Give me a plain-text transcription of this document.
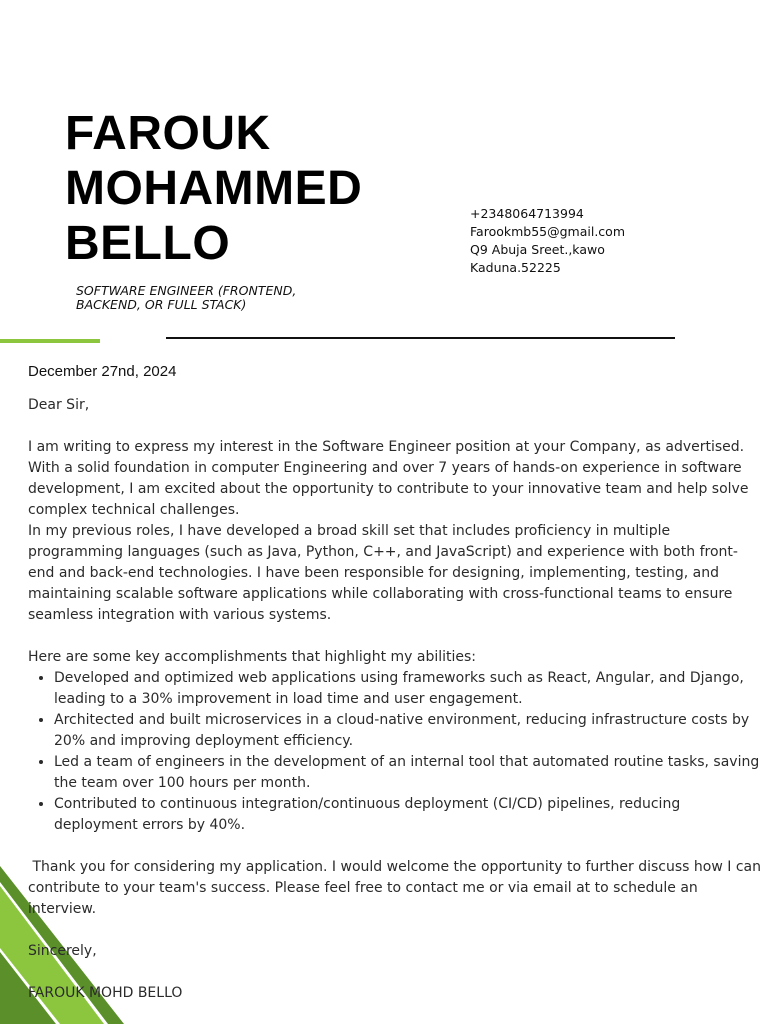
FAROUK
MOHAMMED
BELLO
SOFTWARE ENGINEER (FRONTEND, BACKEND, OR FULL STACK)
+2348064713994
Farookmb55@gmail.com
Q9 Abuja Sreet.,kawo
Kaduna.52225
December 27nd, 2024

Dear Sir,

I am writing to express my interest in the Software Engineer position at your Company, as advertised. With a solid foundation in computer Engineering and over 7 years of hands-on experience in software development, I am excited about the opportunity to contribute to your innovative team and help solve complex technical challenges.

In my previous roles, I have developed a broad skill set that includes proficiency in multiple programming languages (such as Java, Python, C++, and JavaScript) and experience with both front-end and back-end technologies. I have been responsible for designing, implementing, testing, and maintaining scalable software applications while collaborating with cross-functional teams to ensure seamless integration with various systems.

Here are some key accomplishments that highlight my abilities:

• Developed and optimized web applications using frameworks such as React, Angular, and Django, leading to a 30% improvement in load time and user engagement.
• Architected and built microservices in a cloud-native environment, reducing infrastructure costs by 20% and improving deployment efficiency.
• Led a team of engineers in the development of an internal tool that automated routine tasks, saving the team over 100 hours per month.
• Contributed to continuous integration/continuous deployment (CI/CD) pipelines, reducing deployment errors by 40%.

Thank you for considering my application. I would welcome the opportunity to further discuss how I can contribute to your team's success. Please feel free to contact me or via email at to schedule an interview.

Sincerely,

FAROUK MOHD BELLO
